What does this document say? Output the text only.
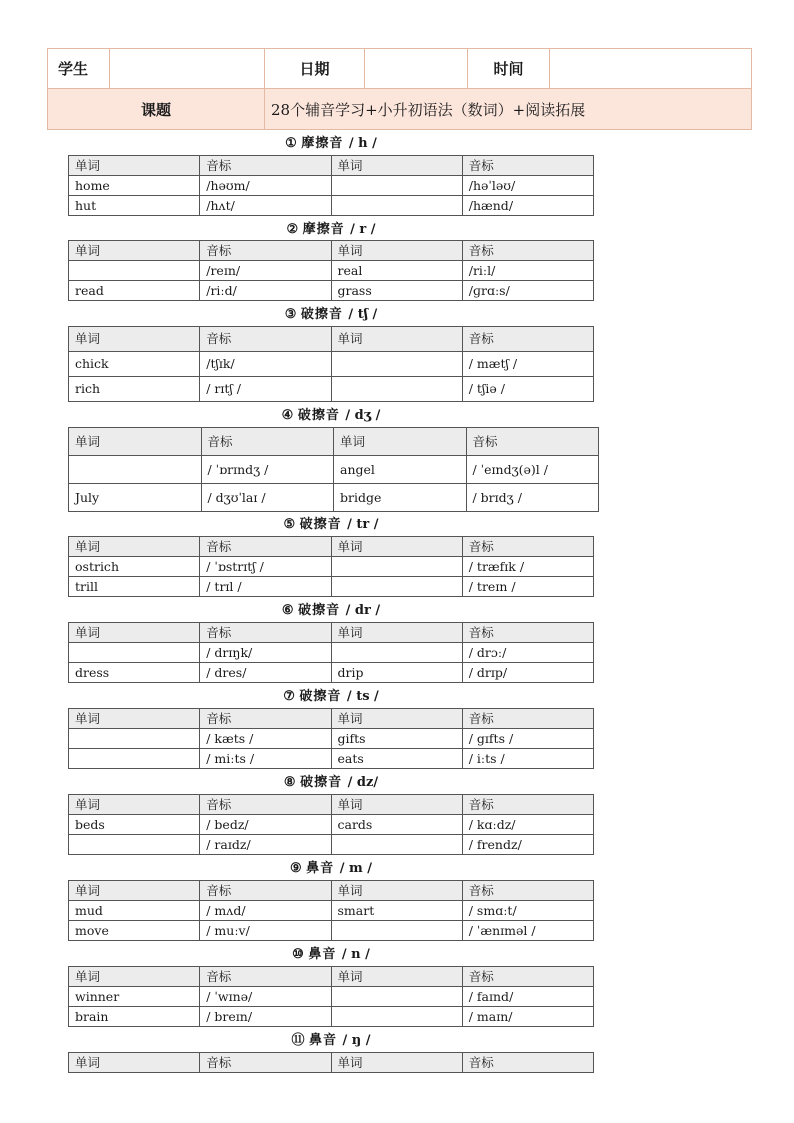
学生		日期		时间	
课题		28个辅音学习+小升初语法（数词）+阅读拓展			
① 摩擦音 / h /
单词	音标	单词	音标
home	/həʊm/		/həˈləʊ/
hut	/hʌt/		/hænd/
② 摩擦音 / r /
单词	音标	单词	音标
	/reɪn/	real	/riːl/
read	/riːd/	grass	/ɡrɑːs/
③ 破擦音 / tʃ /
单词	音标	单词	音标
chick	/tʃɪk/		/ mætʃ /
rich	/ rɪtʃ /		/ tʃiə /
④ 破擦音 / dʒ /
单词	音标	单词	音标
	/ ˈɒrɪndʒ /	angel	/ ˈeɪndʒ(ə)l /
July	/ dʒʊˈlaɪ /	bridge	/ brɪdʒ /
⑤ 破擦音 / tr /
单词	音标	单词	音标
ostrich	/ ˈɒstrɪtʃ /		/ træfɪk /
trill	/ trɪl /		/ treɪn /
⑥ 破擦音 / dr /
单词	音标	单词	音标
	/ drɪŋk/		/ drɔː/
dress	/ dres/	drip	/ drɪp/
⑦ 破擦音 / ts /
单词	音标	单词	音标
	/ kæts /	gifts	/ gɪfts /
	/ miːts /	eats	/ iːts /
⑧ 破擦音 / dz/
单词	音标	单词	音标
beds	/ bedz/	cards	/ kɑːdz/
	/ raɪdz/		/ frendz/
⑨ 鼻音 / m /
单词	音标	单词	音标
mud	/ mʌd/	smart	/ smɑːt/
move	/ muːv/		/ ˈænɪməl /
⑩ 鼻音 / n /
单词	音标	单词	音标
winner	/ ˈwɪnə/		/ faɪnd/
brain	/ breɪn/		/ maɪn/
⑪ 鼻音 / ŋ /
单词	音标	单词	音标
